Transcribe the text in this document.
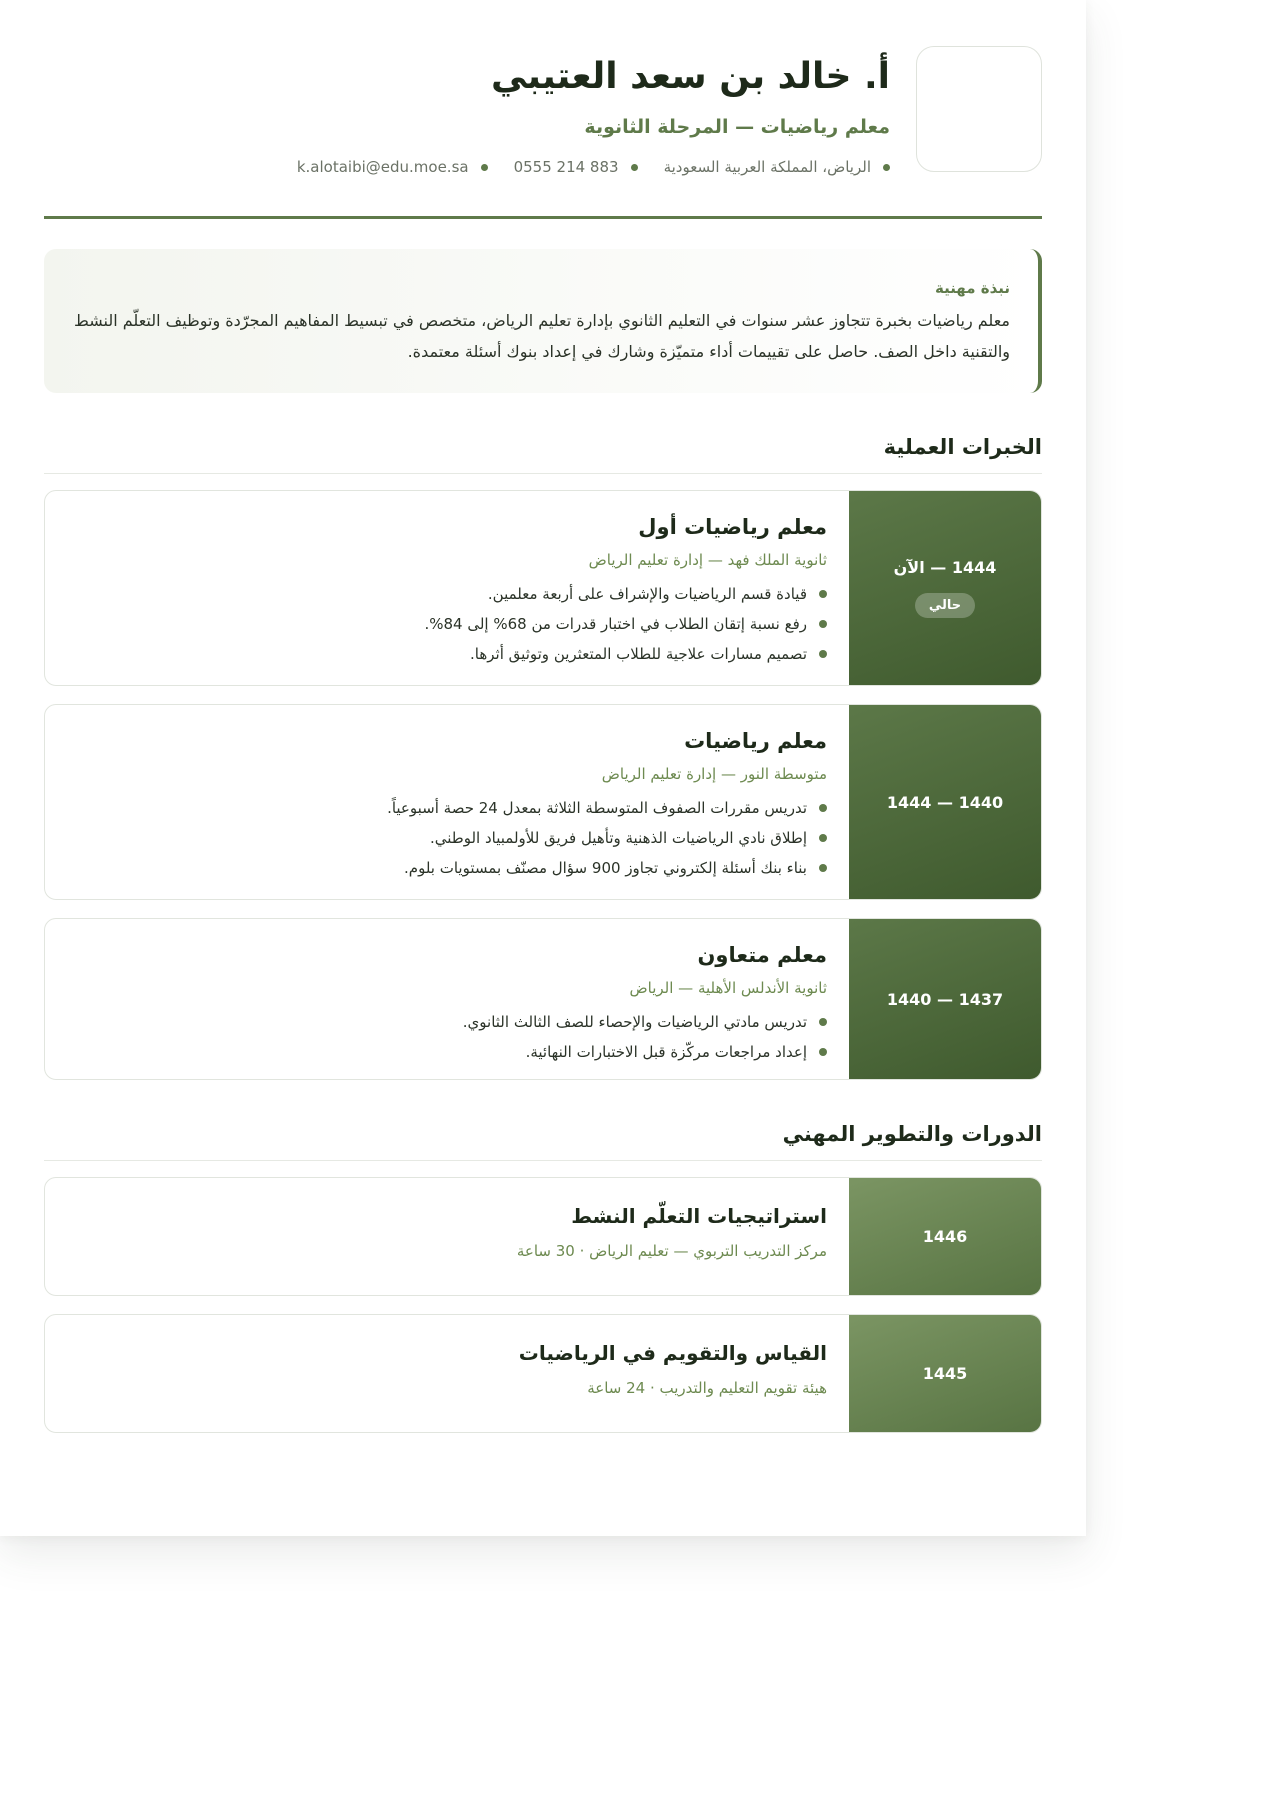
أ. خالد بن سعد العتيبي
معلم رياضيات — المرحلة الثانوية
الرياض، المملكة العربية السعودية
0555 214 883
k.alotaibi@edu.moe.sa
نبذة مهنية
معلم رياضيات بخبرة تتجاوز عشر سنوات في التعليم الثانوي بإدارة تعليم الرياض، متخصص في تبسيط المفاهيم المجرّدة وتوظيف التعلّم النشط والتقنية داخل الصف. حاصل على تقييمات أداء متميّزة وشارك في إعداد بنوك أسئلة معتمدة.
الخبرات العملية
1444 — الآن
حالي
معلم رياضيات أول
ثانوية الملك فهد — إدارة تعليم الرياض
قيادة قسم الرياضيات والإشراف على أربعة معلمين.
رفع نسبة إتقان الطلاب في اختبار قدرات من 68% إلى 84%.
تصميم مسارات علاجية للطلاب المتعثرين وتوثيق أثرها.
1440 — 1444
معلم رياضيات
متوسطة النور — إدارة تعليم الرياض
تدريس مقررات الصفوف المتوسطة الثلاثة بمعدل 24 حصة أسبوعياً.
إطلاق نادي الرياضيات الذهنية وتأهيل فريق للأولمبياد الوطني.
بناء بنك أسئلة إلكتروني تجاوز 900 سؤال مصنّف بمستويات بلوم.
1437 — 1440
معلم متعاون
ثانوية الأندلس الأهلية — الرياض
تدريس مادتي الرياضيات والإحصاء للصف الثالث الثانوي.
إعداد مراجعات مركّزة قبل الاختبارات النهائية.
الدورات والتطوير المهني
1446
استراتيجيات التعلّم النشط
مركز التدريب التربوي — تعليم الرياض · 30 ساعة
1445
القياس والتقويم في الرياضيات
هيئة تقويم التعليم والتدريب · 24 ساعة
